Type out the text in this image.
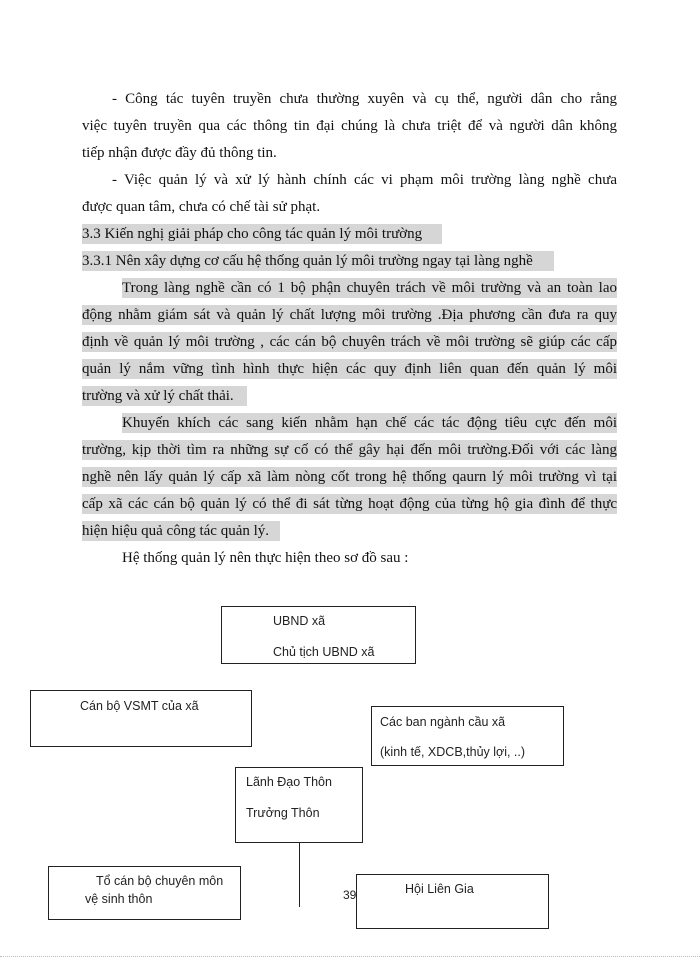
- Công tác tuyên truyền chưa thường xuyên và cụ thể, người dân cho rằng
việc tuyên truyền qua các thông tin đại chúng là chưa triệt để và người dân không
tiếp nhận được đầy đủ thông tin.
- Việc quản lý và xử lý hành chính các vi phạm môi trường làng nghề chưa
được quan tâm, chưa có chế tài sử phạt.
3.3 Kiến nghị giải pháp cho công tác quản lý môi trường
3.3.1 Nên xây dựng cơ cấu hệ thống quản lý môi trường ngay tại làng nghề
Trong làng nghề cần có 1 bộ phận chuyên trách về môi trường và an toàn lao
động nhằm giám sát và quản lý chất lượng môi trường .Địa phương cần đưa ra quy
định về quản lý môi trường , các cán bộ chuyên trách về môi trường sẽ giúp các cấp
quản lý nắm vững tình hình thực hiện các quy định liên quan đến quản lý môi
trường và xử lý chất thải.
Khuyến khích các sang kiến nhằm hạn chế các tác động tiêu cực đến môi
trường, kịp thời tìm ra những sự cố có thể gây hại đến môi trường.Đối với các làng
nghề nên lấy quản lý cấp xã làm nòng cốt trong hệ thống qaurn lý môi trường vì tại
cấp xã các cán bộ quản lý có thể đi sát từng hoạt động của từng hộ gia đình để thực
hiện hiệu quả công tác quản lý.
Hệ thống quản lý nên thực hiện theo sơ đồ sau :
UBND xã
Chủ tịch UBND xã
Cán bộ VSMT của xã
Các ban ngành cầu xã
(kinh tế, XDCB,thủy lợi, ..)
Lãnh Đạo Thôn
Trưởng Thôn
Tổ cán bộ chuyên môn
vệ sinh thôn	39	Hội Liên Gia
